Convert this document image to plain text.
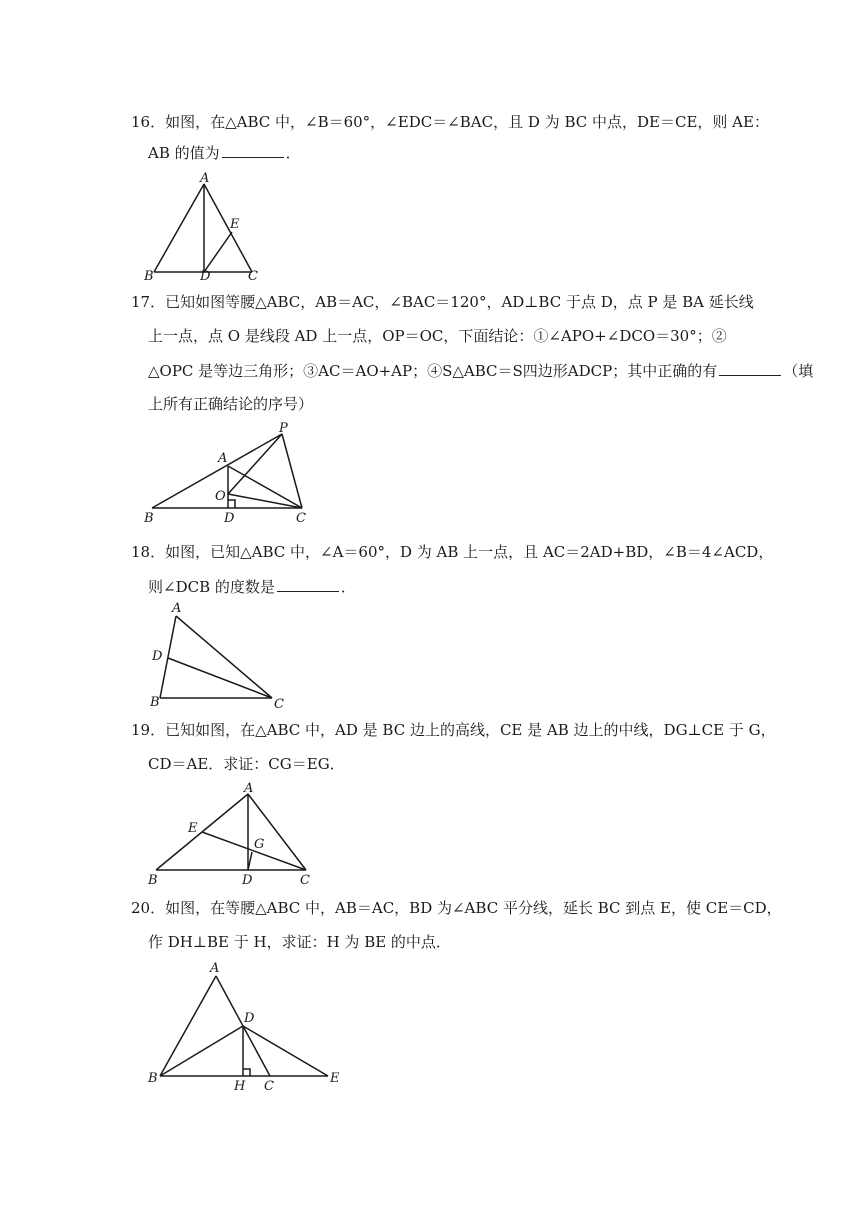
16．如图，在△ABC 中，∠B＝60°，∠EDC＝∠BAC，且 D 为 BC 中点，DE＝CE，则 AE：
AB 的值为	．
A
B	C
D
E
17．已知如图等腰△ABC，AB＝AC，∠BAC＝120°，AD⊥BC 于点 D，点 P 是 BA 延长线
上一点，点 O 是线段 AD 上一点，OP＝OC，下面结论：①∠APO+∠DCO＝30°；②
△OPC 是等边三角形；③AC＝AO+AP；④S△ABC＝S四边形ADCP；其中正确的有	（填
上所有正确结论的序号）
A
B	C
D
O
P
18．如图，已知△ABC 中，∠A＝60°，D 为 AB 上一点，且 AC＝2AD+BD，∠B＝4∠ACD，
则∠DCB 的度数是	．
A
B	C
D
19．已知如图，在△ABC 中，AD 是 BC 边上的高线，CE 是 AB 边上的中线，DG⊥CE 于 G，
CD＝AE．求证：CG＝EG．
A
B	C
D
E
G
20．如图，在等腰△ABC 中，AB＝AC，BD 为∠ABC 平分线，延长 BC 到点 E，使 CE＝CD，
作 DH⊥BE 于 H，求证：H 为 BE 的中点．
A
B
C
D
E
H
